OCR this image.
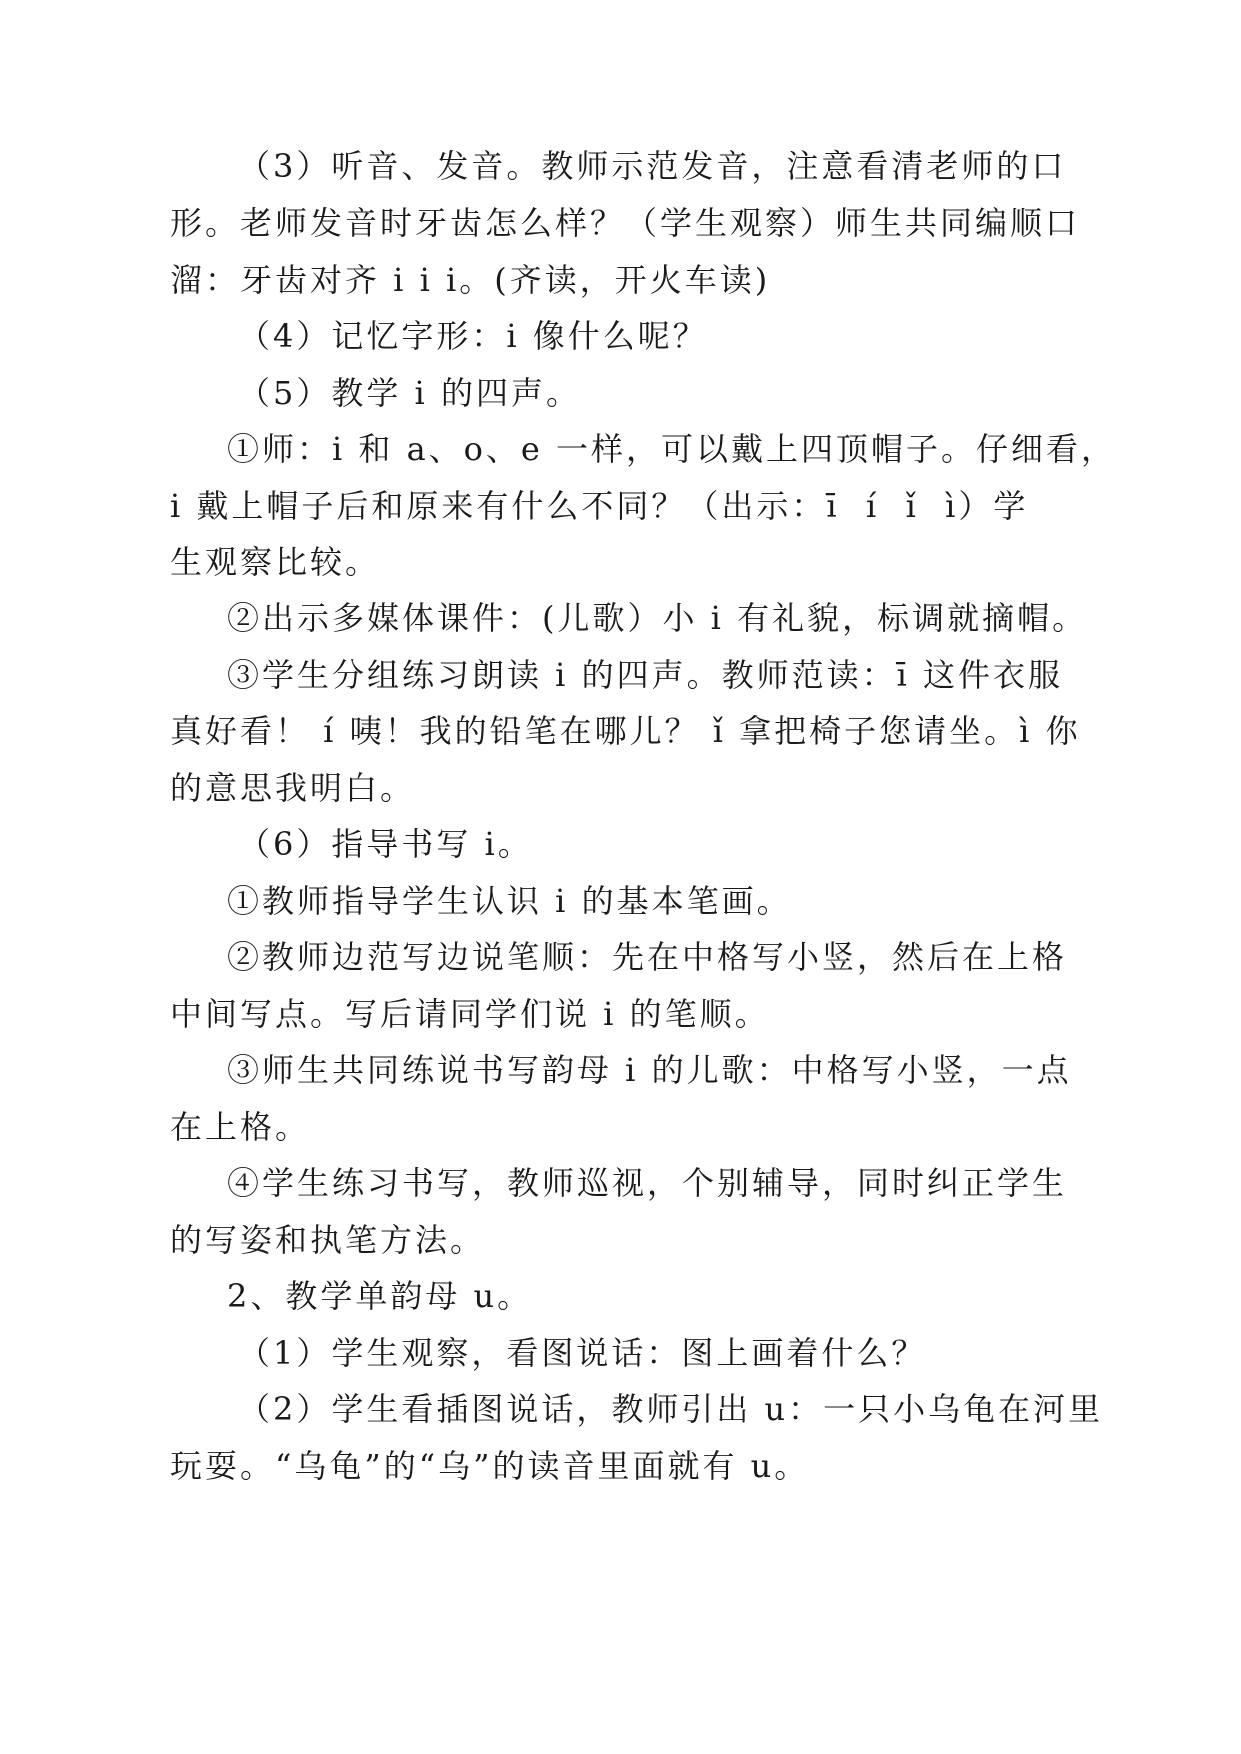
（3）听音、发音。教师示范发音，注意看清老师的口
形。老师发音时牙齿怎么样？（学生观察）师生共同编顺口
溜：牙齿对齐 i i i。(齐读，开火车读)
（4）记忆字形：i 像什么呢？
（5）教学 i 的四声。
①师：i 和 a、o、e 一样，可以戴上四顶帽子。仔细看，
i 戴上帽子后和原来有什么不同？（出示：ī  í  ǐ  ì）学
生观察比较。
②出示多媒体课件：(儿歌）小 i 有礼貌，标调就摘帽。
③学生分组练习朗读 i 的四声。教师范读：ī 这件衣服
真好看！ í 咦！我的铅笔在哪儿？ ǐ 拿把椅子您请坐。ì 你
的意思我明白。
（6）指导书写 i。
①教师指导学生认识 i 的基本笔画。
②教师边范写边说笔顺：先在中格写小竖，然后在上格
中间写点。写后请同学们说 i 的笔顺。
③师生共同练说书写韵母 i 的儿歌：中格写小竖，一点
在上格。
④学生练习书写，教师巡视，个别辅导，同时纠正学生
的写姿和执笔方法。
2、教学单韵母 u。
（1）学生观察，看图说话：图上画着什么？
（2）学生看插图说话，教师引出 u：一只小乌龟在河里
玩耍。“乌龟”的“乌”的读音里面就有 u。
